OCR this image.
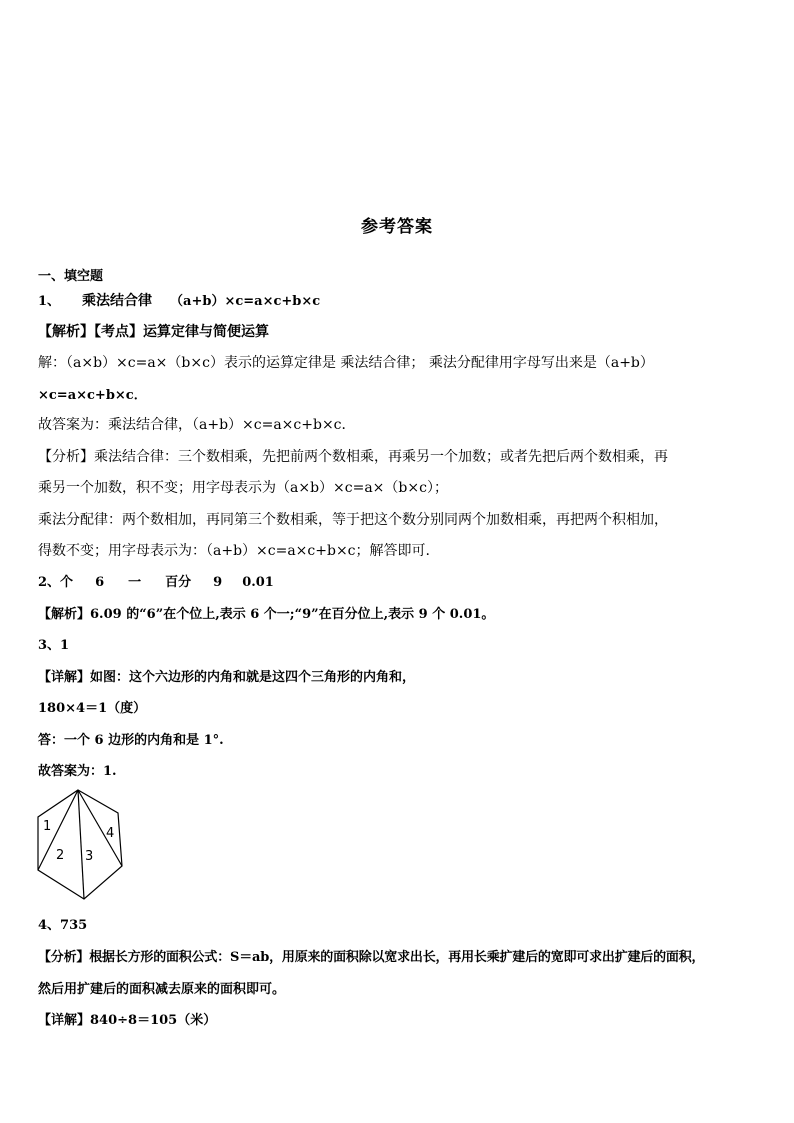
参考答案
一、填空题
1、 乘法结合律 （a+b）×c=a×c+b×c
【解析】【考点】运算定律与简便运算
解：（a×b）×c=a×（b×c）表示的运算定律是 乘法结合律； 乘法分配律用字母写出来是（a+b）
×c=a×c+b×c．
故答案为：乘法结合律，（a+b）×c=a×c+b×c．
【分析】乘法结合律：三个数相乘，先把前两个数相乘，再乘另一个加数；或者先把后两个数相乘，再
乘另一个加数，积不变；用字母表示为（a×b）×c=a×（b×c）；
乘法分配律：两个数相加，再同第三个数相乘，等于把这个数分别同两个加数相乘，再把两个积相加，
得数不变；用字母表示为：（a+b）×c=a×c+b×c；解答即可.
2、个 6 一 百分 9 0.01
【解析】6.09 的“6”在个位上,表示 6 个一;“9”在百分位上,表示 9 个 0.01。
3、1
【详解】如图：这个六边形的内角和就是这四个三角形的内角和，
180×4＝1（度）
答：一个 6 边形的内角和是 1°.
故答案为：1.
1
2 3
4
4、735
【分析】根据长方形的面积公式：S＝ab，用原来的面积除以宽求出长，再用长乘扩建后的宽即可求出扩建后的面积，
然后用扩建后的面积减去原来的面积即可。
【详解】840÷8＝105（米）
